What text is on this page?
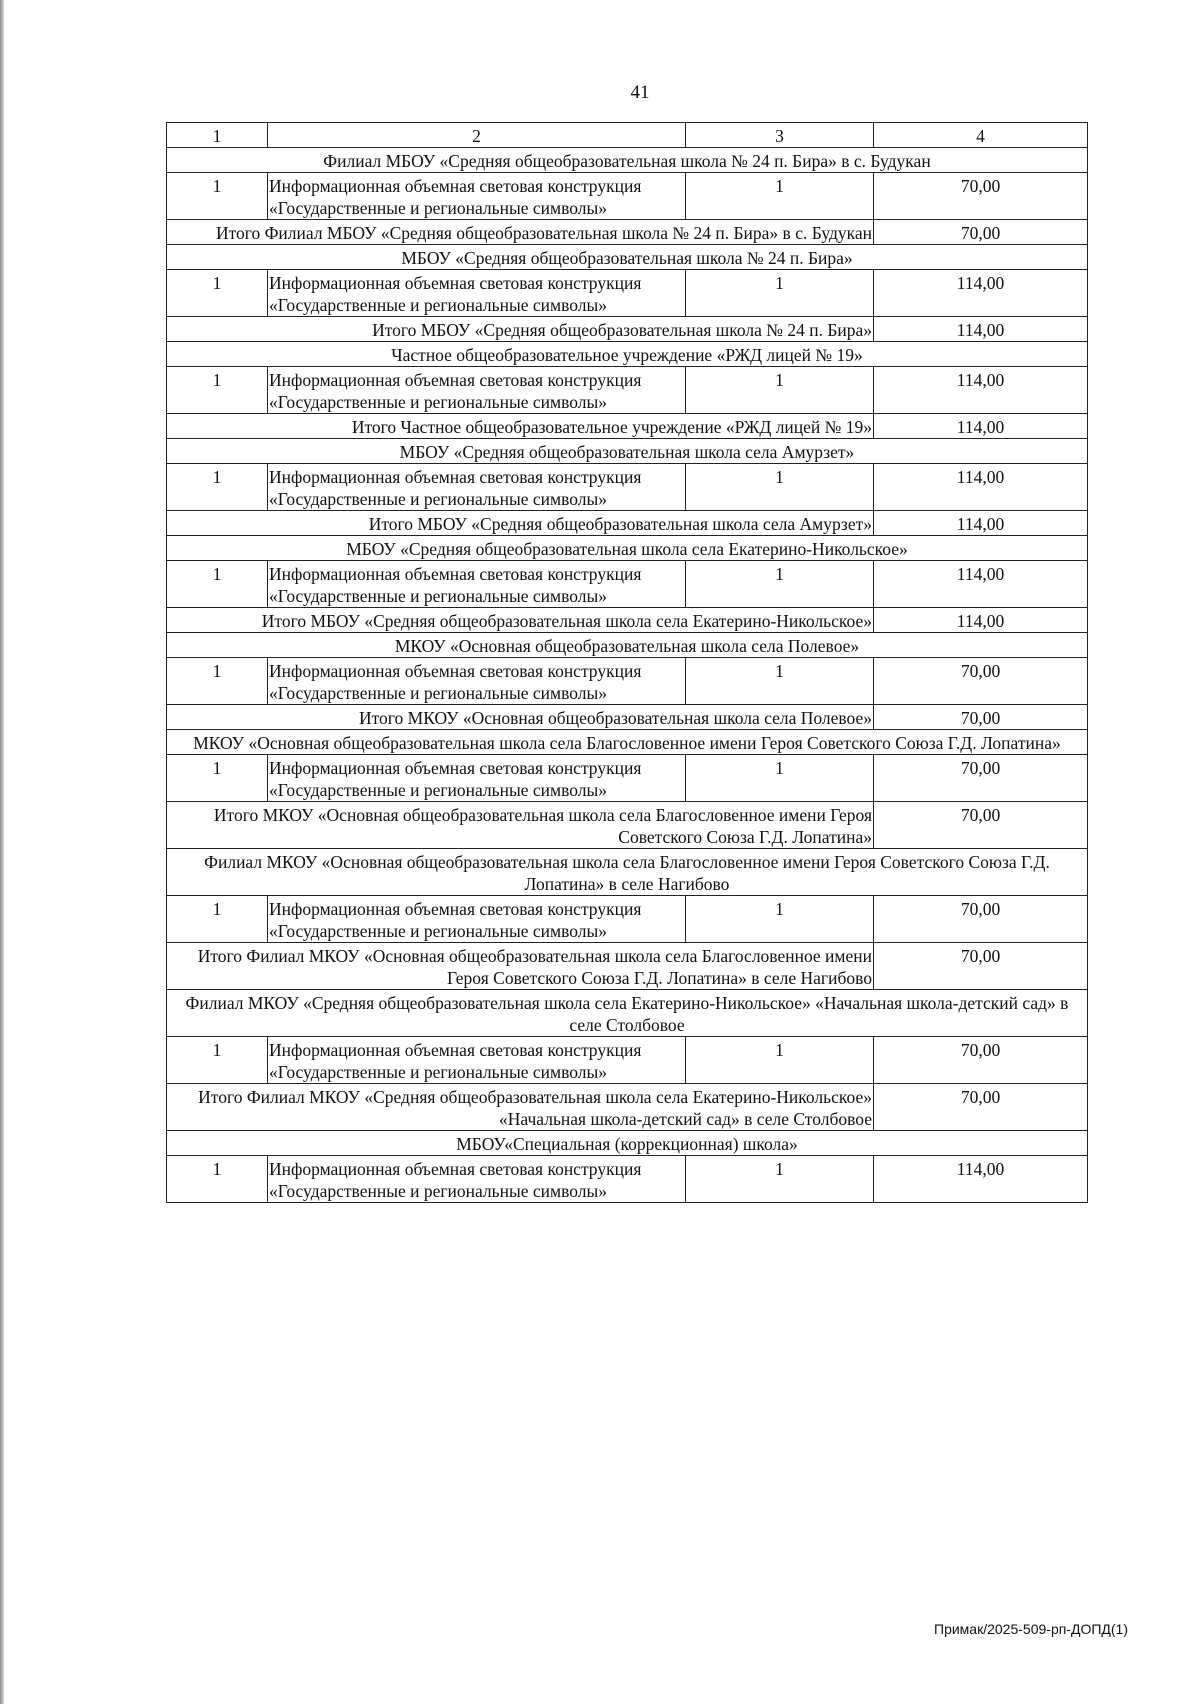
41
1	2	3	4
Филиал МБОУ «Средняя общеобразовательная школа № 24 п. Бира» в с. Будукан			
1	Информационная объемная световая конструкция «Государственные и региональные символы»	1	70,00
Итого Филиал МБОУ «Средняя общеобразовательная школа № 24 п. Бира» в с. Будукан			70,00
МБОУ «Средняя общеобразовательная школа № 24 п. Бира»			
1	Информационная объемная световая конструкция «Государственные и региональные символы»	1	114,00
Итого МБОУ «Средняя общеобразовательная школа № 24 п. Бира»			114,00
Частное общеобразовательное учреждение «РЖД лицей № 19»			
1	Информационная объемная световая конструкция «Государственные и региональные символы»	1	114,00
Итого Частное общеобразовательное учреждение «РЖД лицей № 19»			114,00
МБОУ «Средняя общеобразовательная школа села Амурзет»			
1	Информационная объемная световая конструкция «Государственные и региональные символы»	1	114,00
Итого МБОУ «Средняя общеобразовательная школа села Амурзет»			114,00
МБОУ «Средняя общеобразовательная школа села Екатерино-Никольское»			
1	Информационная объемная световая конструкция «Государственные и региональные символы»	1	114,00
Итого МБОУ «Средняя общеобразовательная школа села Екатерино-Никольское»			114,00
МКОУ «Основная общеобразовательная школа села Полевое»			
1	Информационная объемная световая конструкция «Государственные и региональные символы»	1	70,00
Итого МКОУ «Основная общеобразовательная школа села Полевое»			70,00
МКОУ «Основная общеобразовательная школа села Благословенное имени Героя Советского Союза Г.Д. Лопатина»			
1	Информационная объемная световая конструкция «Государственные и региональные символы»	1	70,00
Итого МКОУ «Основная общеобразовательная школа села Благословенное имени Героя Советского Союза Г.Д. Лопатина»			70,00
Филиал МКОУ «Основная общеобразовательная школа села Благословенное имени Героя Советского Союза Г.Д. Лопатина» в селе Нагибово			
1	Информационная объемная световая конструкция «Государственные и региональные символы»	1	70,00
Итого Филиал МКОУ «Основная общеобразовательная школа села Благословенное имени Героя Советского Союза Г.Д. Лопатина» в селе Нагибово			70,00
Филиал МКОУ «Средняя общеобразовательная школа села Екатерино-Никольское» «Начальная школа-детский сад» в селе Столбовое			
1	Информационная объемная световая конструкция «Государственные и региональные символы»	1	70,00
Итого Филиал МКОУ «Средняя общеобразовательная школа села Екатерино-Никольское» «Начальная школа-детский сад» в селе Столбовое			70,00
МБОУ«Специальная (коррекционная) школа»			
1	Информационная объемная световая конструкция «Государственные и региональные символы»	1	114,00
Примак/2025-509-рп-ДОПД(1)
